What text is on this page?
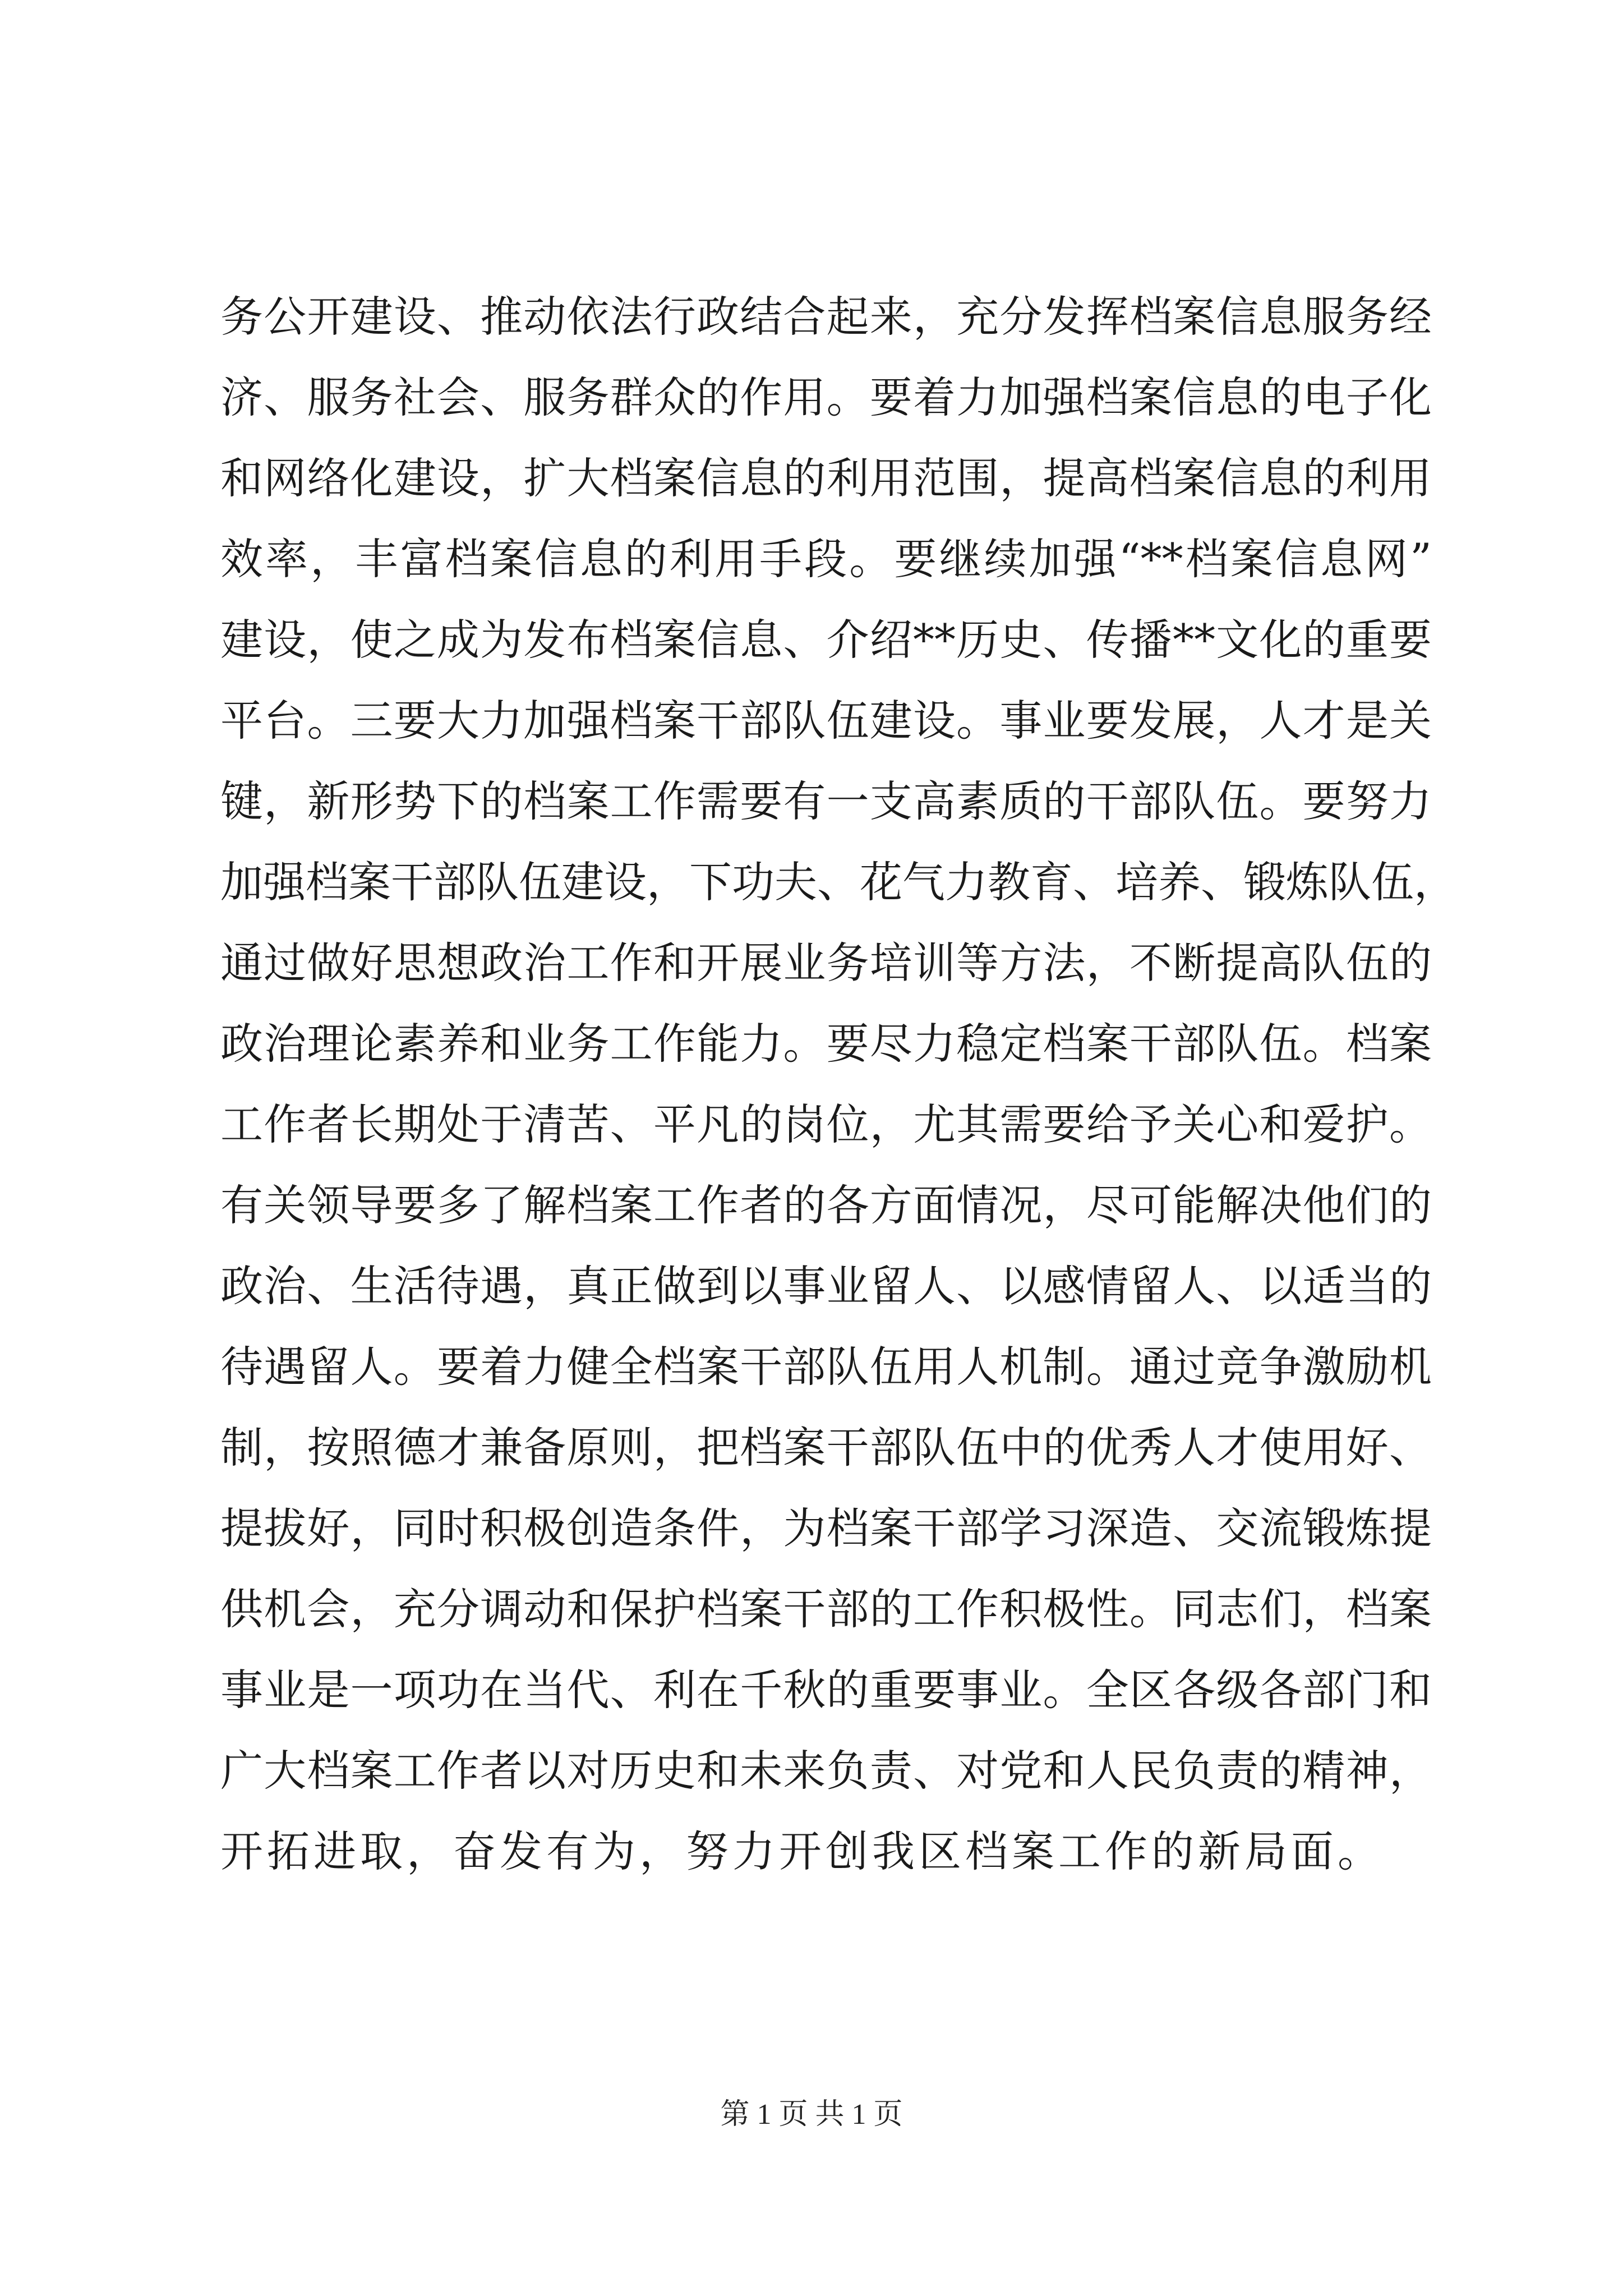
务公开建设、推动依法行政结合起来，充分发挥档案信息服务经
济、服务社会、服务群众的作用。要着力加强档案信息的电子化
和网络化建设，扩大档案信息的利用范围，提高档案信息的利用
效率，丰富档案信息的利用手段。要继续加强“**档案信息网”
建设，使之成为发布档案信息、介绍**历史、传播**文化的重要
平台。三要大力加强档案干部队伍建设。事业要发展，人才是关
键，新形势下的档案工作需要有一支高素质的干部队伍。要努力
加强档案干部队伍建设，下功夫、花气力教育、培养、锻炼队伍，
通过做好思想政治工作和开展业务培训等方法，不断提高队伍的
政治理论素养和业务工作能力。要尽力稳定档案干部队伍。档案
工作者长期处于清苦、平凡的岗位，尤其需要给予关心和爱护。
有关领导要多了解档案工作者的各方面情况，尽可能解决他们的
政治、生活待遇，真正做到以事业留人、以感情留人、以适当的
待遇留人。要着力健全档案干部队伍用人机制。通过竞争激励机
制，按照德才兼备原则，把档案干部队伍中的优秀人才使用好、
提拔好，同时积极创造条件，为档案干部学习深造、交流锻炼提
供机会，充分调动和保护档案干部的工作积极性。同志们，档案
事业是一项功在当代、利在千秋的重要事业。全区各级各部门和
广大档案工作者以对历史和未来负责、对党和人民负责的精神，
开拓进取，奋发有为，努力开创我区档案工作的新局面。
第 1 页 共 1 页
